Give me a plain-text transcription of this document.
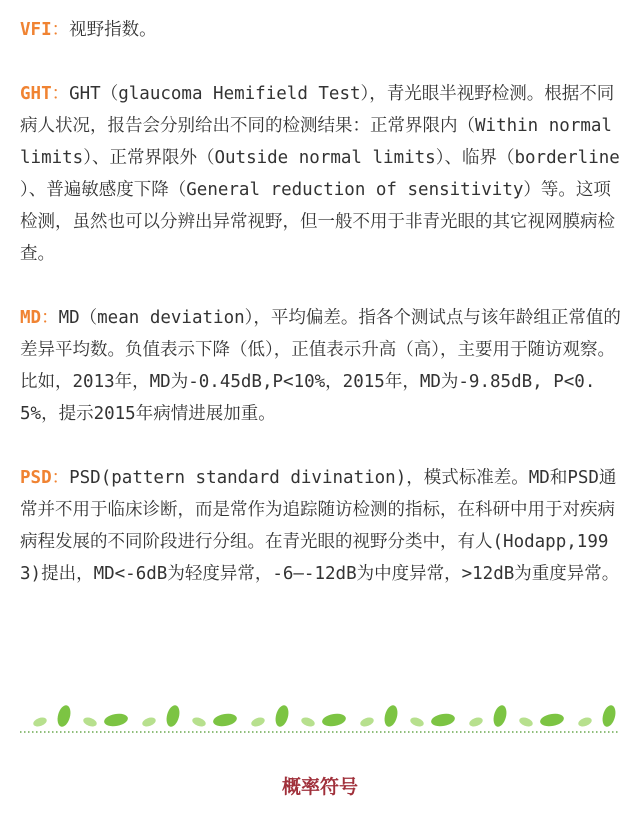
VFI：视野指数。

GHT：GHT（glaucoma Hemifield Test），青光眼半视野检测。根据不同病人状况，报告会分别给出不同的检测结果：正常界限内（Within normal limits）、正常界限外（Outside normal limits）、临界（borderline ）、普遍敏感度下降（General reduction of sensitivity）等。这项检测，虽然也可以分辨出异常视野，但一般不用于非青光眼的其它视网膜病检查。

MD：MD（mean deviation），平均偏差。指各个测试点与该年龄组正常值的差异平均数。负值表示下降（低），正值表示升高（高），主要用于随访观察。比如，2013年，MD为-0.45dB,P<10%，2015年，MD为-9.85dB, P<0.5%，提示2015年病情进展加重。

PSD：PSD(pattern standard divination)，模式标准差。MD和PSD通常并不用于临床诊断，而是常作为追踪随访检测的指标，在科研中用于对疾病病程发展的不同阶段进行分组。在青光眼的视野分类中，有人(Hodapp,1993)提出，MD<-6dB为轻度异常，-6—-12dB为中度异常，>12dB为重度异常。

概率符号
